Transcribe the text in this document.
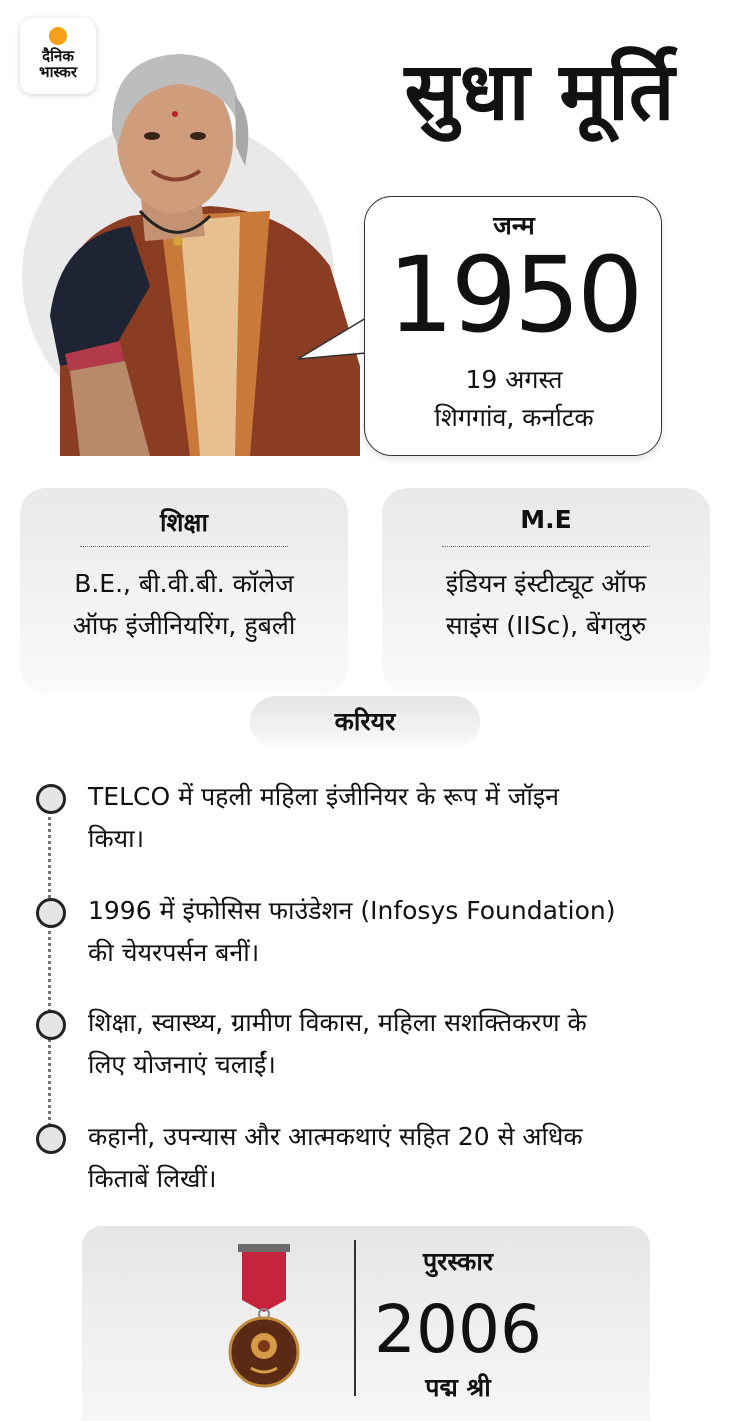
दैनिक
भास्कर	सुधा मूर्ति
जन्म
1950
19 अगस्त
शिगगांव, कर्नाटक
शिक्षा
B.E., बी.वी.बी. कॉलेज
ऑफ इंजीनियरिंग, हुबली
M.E
इंडियन इंस्टीट्यूट ऑफ
साइंस (IISc), बेंगलुरु
करियर
TELCO में पहली महिला इंजीनियर के रूप में जॉइन
किया।
1996 में इंफोसिस फाउंडेशन (Infosys Foundation)
की चेयरपर्सन बनीं।
शिक्षा, स्वास्थ्य, ग्रामीण विकास, महिला सशक्तिकरण के
लिए योजनाएं चलाईं।
कहानी, उपन्यास और आत्मकथाएं सहित 20 से अधिक
किताबें लिखीं।
पुरस्कार
2006
पद्म श्री
